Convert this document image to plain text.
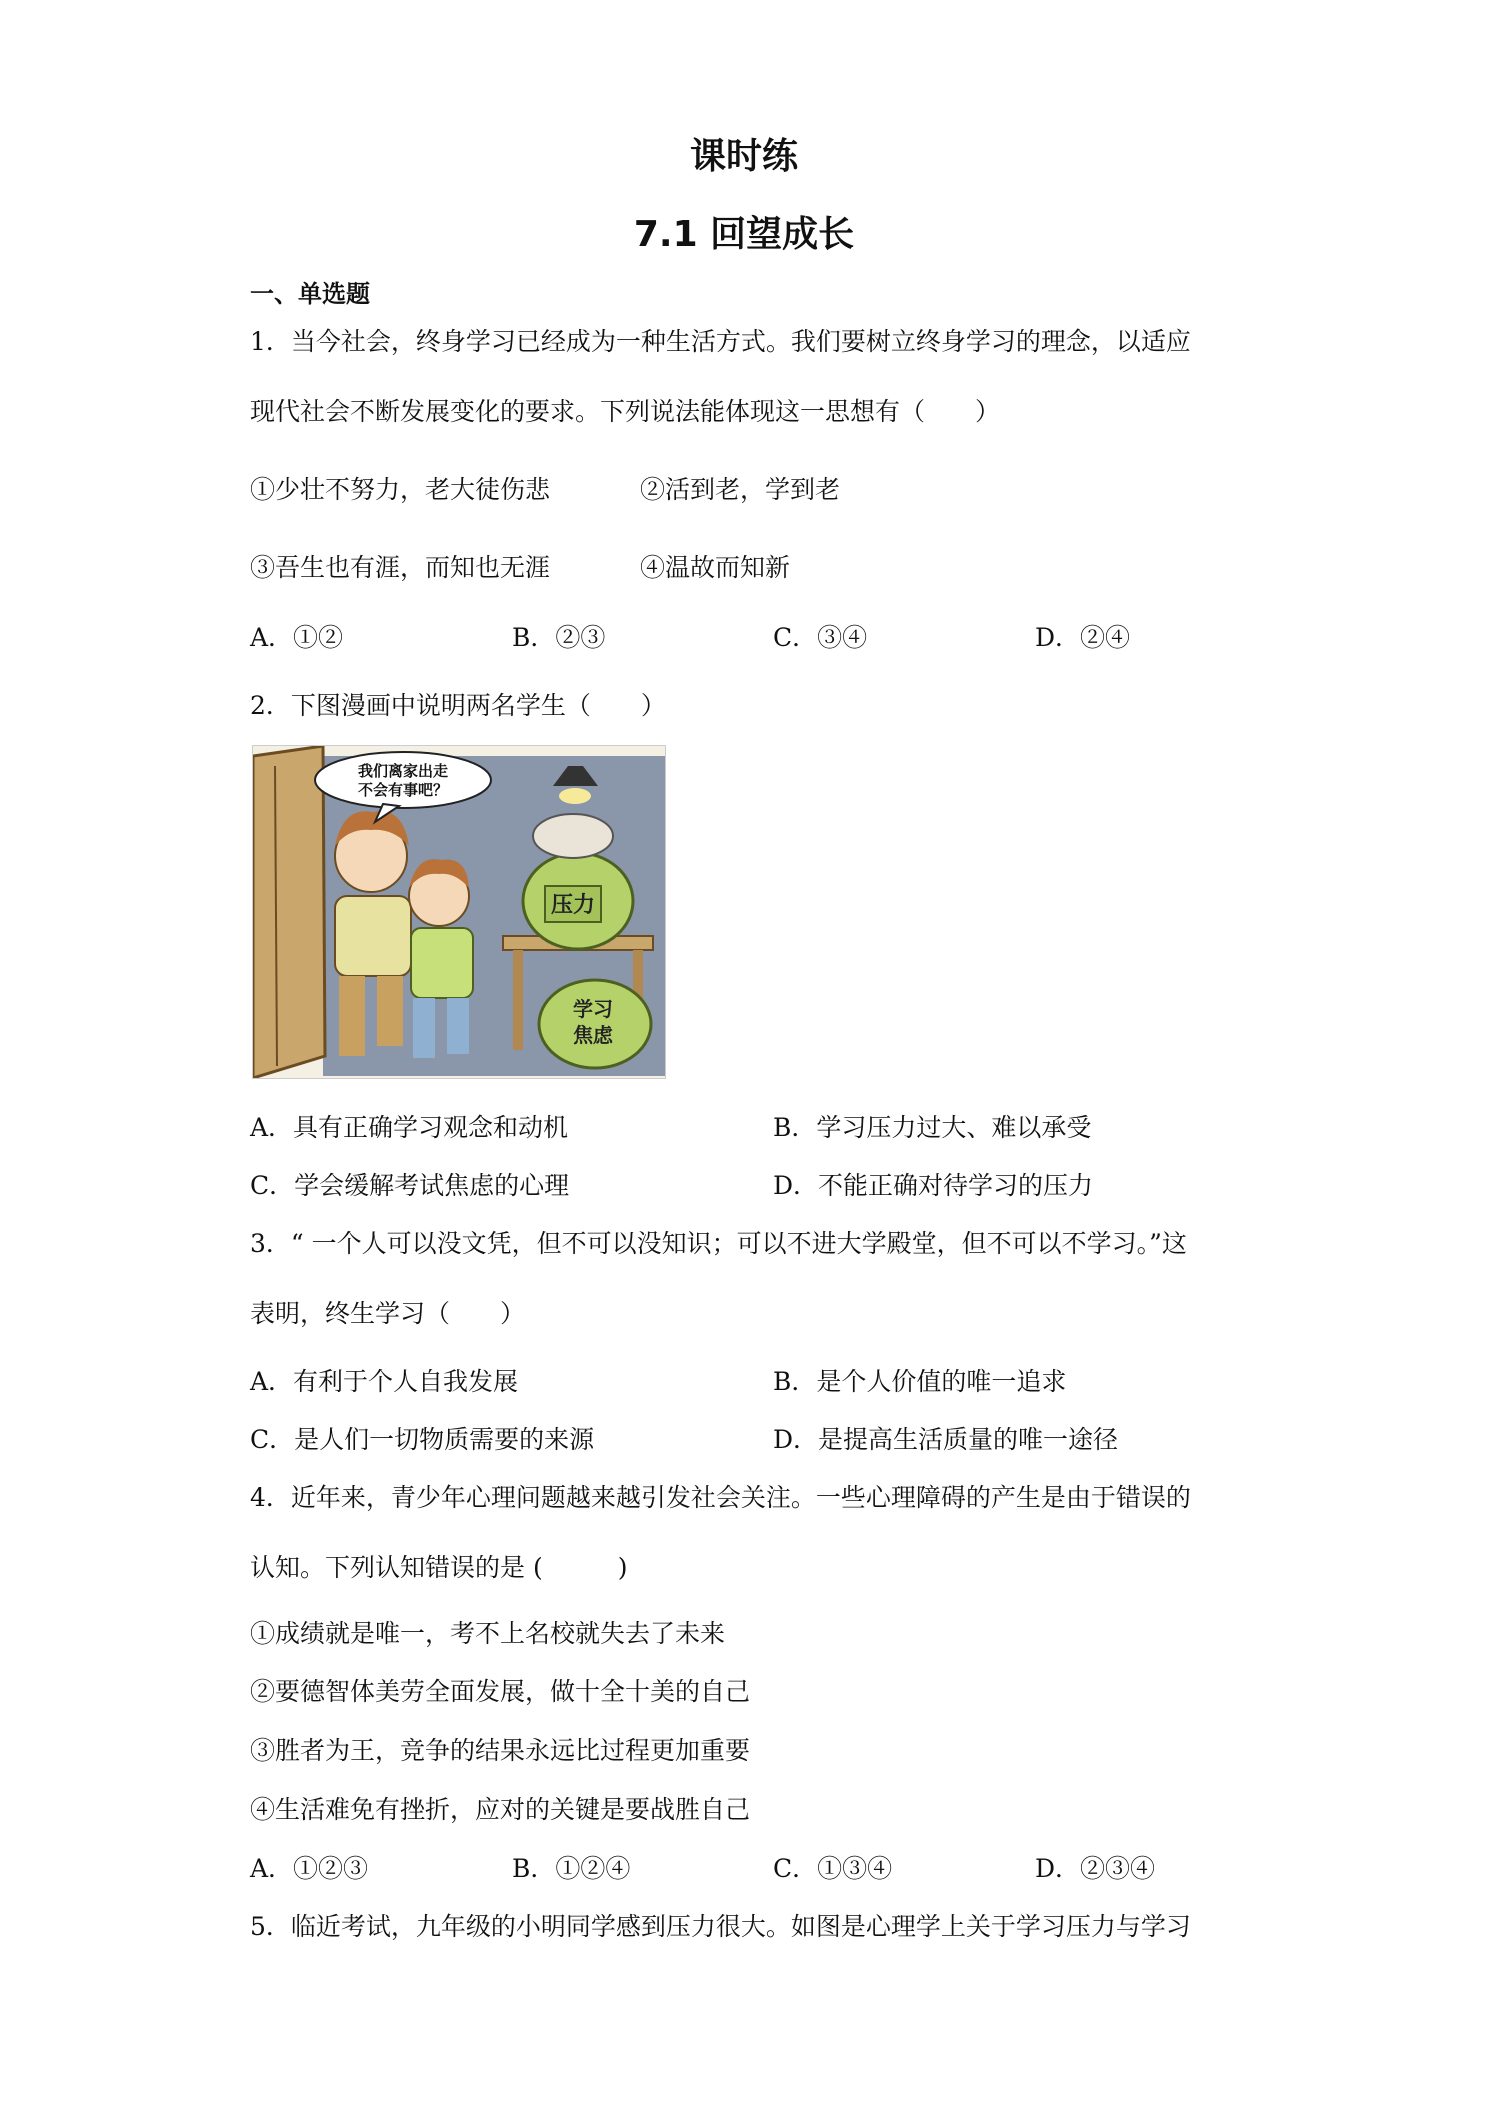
课时练
7.1 回望成长
一、单选题
1．当今社会，终身学习已经成为一种生活方式。我们要树立终身学习的理念，以适应
现代社会不断发展变化的要求。下列说法能体现这一思想有（　　）
①少壮不努力，老大徒伤悲	②活到老，学到老
③吾生也有涯，而知也无涯	④温故而知新
A．①②	B．②③	C．③④	D．②④
2．下图漫画中说明两名学生（　　）
压力
学习
焦虑
我们离家出走
不会有事吧？
A．具有正确学习观念和动机	B．学习压力过大、难以承受
C．学会缓解考试焦虑的心理	D．不能正确对待学习的压力
3．“ 一个人可以没文凭，但不可以没知识；可以不进大学殿堂，但不可以不学习。”这
表明，终生学习（　　）
A．有利于个人自我发展	B．是个人价值的唯一追求
C．是人们一切物质需要的来源	D．是提高生活质量的唯一途径
4．近年来，青少年心理问题越来越引发社会关注。一些心理障碍的产生是由于错误的
认知。下列认知错误的是 (　　　)
①成绩就是唯一，考不上名校就失去了未来
②要德智体美劳全面发展，做十全十美的自己
③胜者为王，竞争的结果永远比过程更加重要
④生活难免有挫折，应对的关键是要战胜自己
A．①②③	B．①②④	C．①③④	D．②③④
5．临近考试，九年级的小明同学感到压力很大。如图是心理学上关于学习压力与学习
